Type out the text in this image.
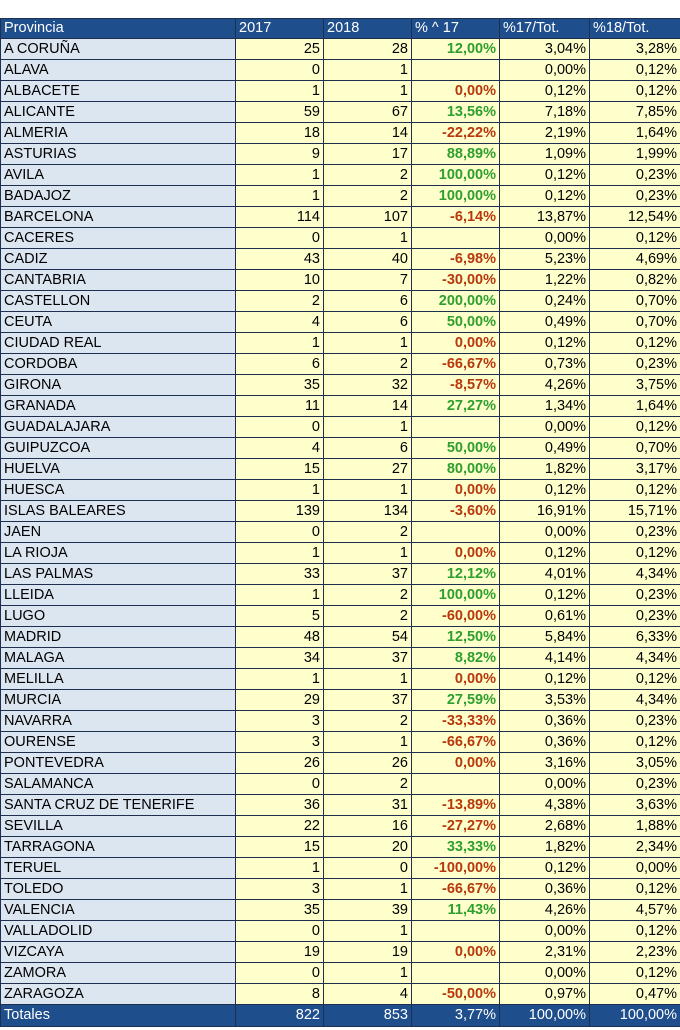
Provincia	2017	2018	% ^ 17	%17/Tot.	%18/Tot.
A CORUÑA	25	28	12,00%	3,04%	3,28%
ALAVA	0	1		0,00%	0,12%
ALBACETE	1	1	0,00%	0,12%	0,12%
ALICANTE	59	67	13,56%	7,18%	7,85%
ALMERIA	18	14	-22,22%	2,19%	1,64%
ASTURIAS	9	17	88,89%	1,09%	1,99%
AVILA	1	2	100,00%	0,12%	0,23%
BADAJOZ	1	2	100,00%	0,12%	0,23%
BARCELONA	114	107	-6,14%	13,87%	12,54%
CACERES	0	1		0,00%	0,12%
CADIZ	43	40	-6,98%	5,23%	4,69%
CANTABRIA	10	7	-30,00%	1,22%	0,82%
CASTELLON	2	6	200,00%	0,24%	0,70%
CEUTA	4	6	50,00%	0,49%	0,70%
CIUDAD REAL	1	1	0,00%	0,12%	0,12%
CORDOBA	6	2	-66,67%	0,73%	0,23%
GIRONA	35	32	-8,57%	4,26%	3,75%
GRANADA	11	14	27,27%	1,34%	1,64%
GUADALAJARA	0	1		0,00%	0,12%
GUIPUZCOA	4	6	50,00%	0,49%	0,70%
HUELVA	15	27	80,00%	1,82%	3,17%
HUESCA	1	1	0,00%	0,12%	0,12%
ISLAS BALEARES	139	134	-3,60%	16,91%	15,71%
JAEN	0	2		0,00%	0,23%
LA RIOJA	1	1	0,00%	0,12%	0,12%
LAS PALMAS	33	37	12,12%	4,01%	4,34%
LLEIDA	1	2	100,00%	0,12%	0,23%
LUGO	5	2	-60,00%	0,61%	0,23%
MADRID	48	54	12,50%	5,84%	6,33%
MALAGA	34	37	8,82%	4,14%	4,34%
MELILLA	1	1	0,00%	0,12%	0,12%
MURCIA	29	37	27,59%	3,53%	4,34%
NAVARRA	3	2	-33,33%	0,36%	0,23%
OURENSE	3	1	-66,67%	0,36%	0,12%
PONTEVEDRA	26	26	0,00%	3,16%	3,05%
SALAMANCA	0	2		0,00%	0,23%
SANTA CRUZ DE TENERIFE	36	31	-13,89%	4,38%	3,63%
SEVILLA	22	16	-27,27%	2,68%	1,88%
TARRAGONA	15	20	33,33%	1,82%	2,34%
TERUEL	1	0	-100,00%	0,12%	0,00%
TOLEDO	3	1	-66,67%	0,36%	0,12%
VALENCIA	35	39	11,43%	4,26%	4,57%
VALLADOLID	0	1		0,00%	0,12%
VIZCAYA	19	19	0,00%	2,31%	2,23%
ZAMORA	0	1		0,00%	0,12%
ZARAGOZA	8	4	-50,00%	0,97%	0,47%
Totales	822	853	3,77%	100,00%	100,00%
